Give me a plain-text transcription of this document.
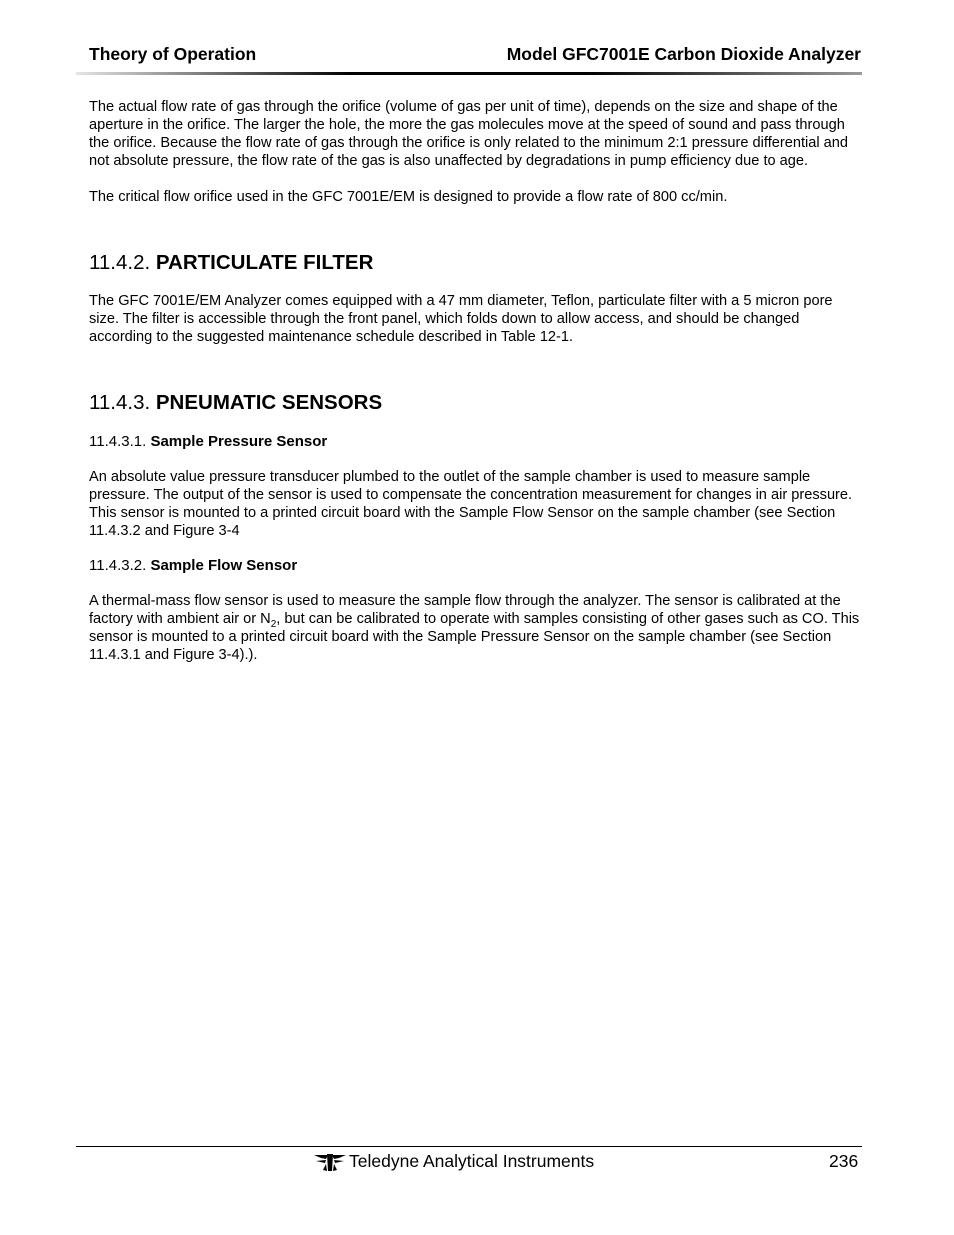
Theory of Operation	Model GFC7001E Carbon Dioxide Analyzer

The actual flow rate of gas through the orifice (volume of gas per unit of time), depends on the size and shape of the aperture in the orifice. The larger the hole, the more the gas molecules move at the speed of sound and pass through the orifice. Because the flow rate of gas through the orifice is only related to the minimum 2:1 pressure differential and not absolute pressure, the flow rate of the gas is also unaffected by degradations in pump efficiency due to age.

The critical flow orifice used in the GFC 7001E/EM is designed to provide a flow rate of 800 cc/min.

11.4.2. PARTICULATE FILTER

The GFC 7001E/EM Analyzer comes equipped with a 47 mm diameter, Teflon, particulate filter with a 5 micron pore size. The filter is accessible through the front panel, which folds down to allow access, and should be changed according to the suggested maintenance schedule described in Table 12-1.

11.4.3. PNEUMATIC SENSORS
11.4.3.1. Sample Pressure Sensor

An absolute value pressure transducer plumbed to the outlet of the sample chamber is used to measure sample pressure. The output of the sensor is used to compensate the concentration measurement for changes in air pressure. This sensor is mounted to a printed circuit board with the Sample Flow Sensor on the sample chamber (see Section 11.4.3.2 and Figure 3-4

11.4.3.2. Sample Flow Sensor

A thermal-mass flow sensor is used to measure the sample flow through the analyzer. The sensor is calibrated at the factory with ambient air or $N_2$, but can be calibrated to operate with samples consisting of other gases such as CO. This sensor is mounted to a printed circuit board with the Sample Pressure Sensor on the sample chamber (see Section 11.4.3.1 and Figure 3-4).).

Teledyne Analytical Instruments	236
